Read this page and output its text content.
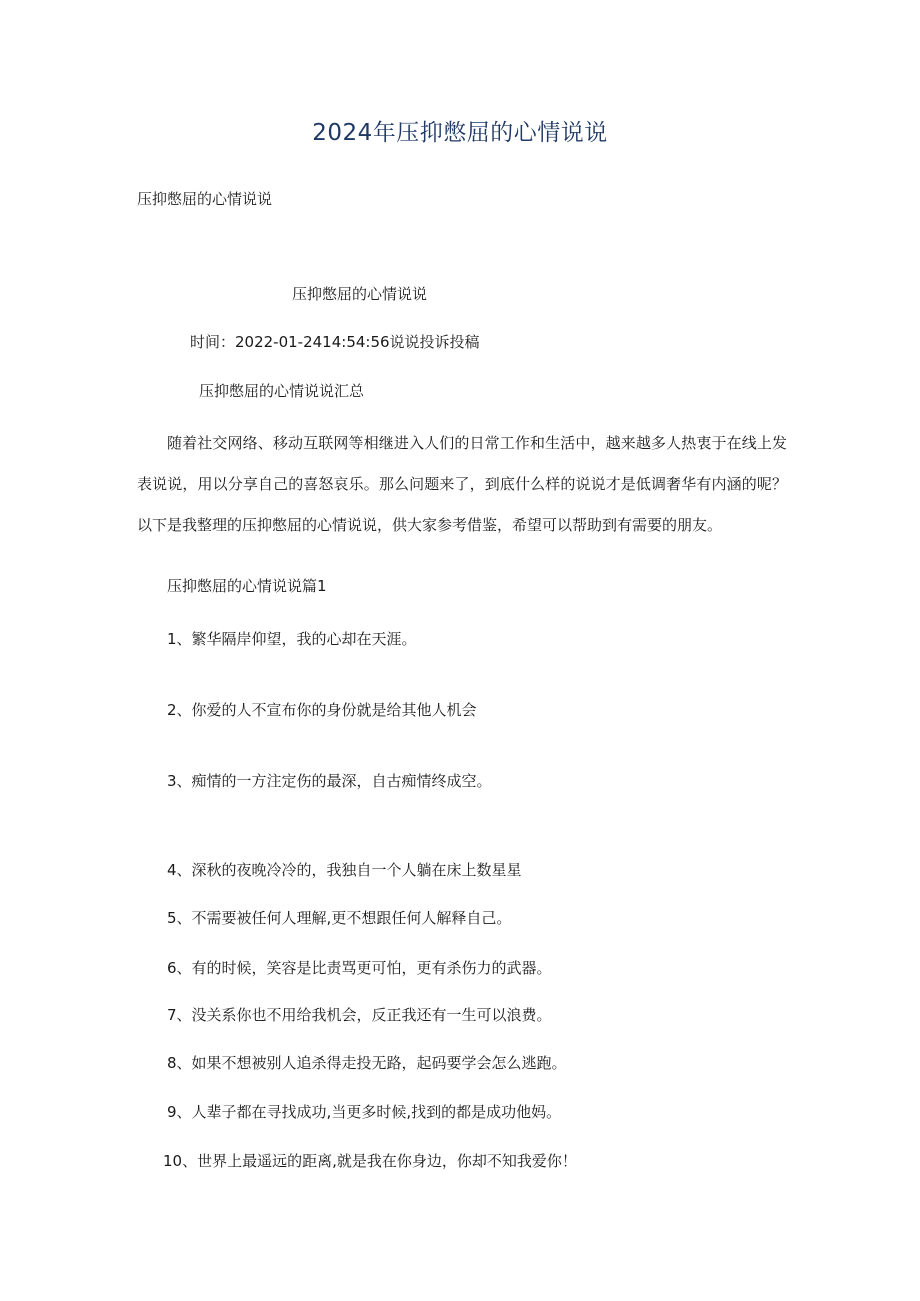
2024年压抑憋屈的心情说说
压抑憋屈的心情说说
压抑憋屈的心情说说
时间：2022-01-2414:54:56说说投诉投稿
压抑憋屈的心情说说汇总
随着社交网络、移动互联网等相继进入人们的日常工作和生活中，越来越多人热衷于在线上发表说说，用以分享自己的喜怒哀乐。那么问题来了，到底什么样的说说才是低调奢华有内涵的呢？以下是我整理的压抑憋屈的心情说说，供大家参考借鉴，希望可以帮助到有需要的朋友。
压抑憋屈的心情说说篇1
1、繁华隔岸仰望，我的心却在天涯。
2、你爱的人不宣布你的身份就是给其他人机会
3、痴情的一方注定伤的最深，自古痴情终成空。
4、深秋的夜晚冷冷的，我独自一个人躺在床上数星星
5、不需要被任何人理解,更不想跟任何人解释自己。
6、有的时候，笑容是比责骂更可怕，更有杀伤力的武器。
7、没关系你也不用给我机会，反正我还有一生可以浪费。
8、如果不想被别人追杀得走投无路，起码要学会怎么逃跑。
9、人辈子都在寻找成功,当更多时候,找到的都是成功他妈。
10、世界上最遥远的距离,就是我在你身边，你却不知我爱你！
